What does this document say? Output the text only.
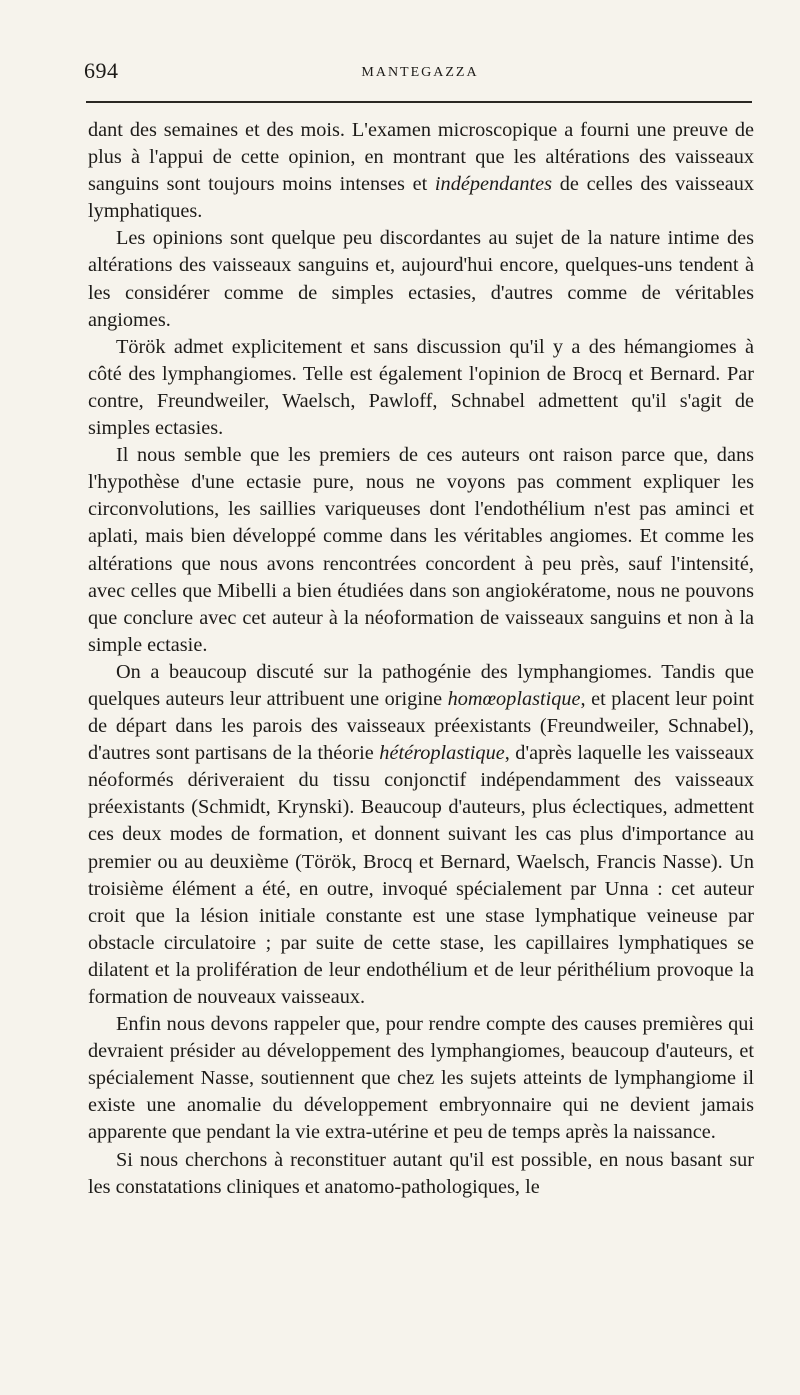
694	MANTEGAZZA

dant des semaines et des mois. L'examen microscopique a fourni une preuve de plus à l'appui de cette opinion, en montrant que les altérations des vaisseaux sanguins sont toujours moins intenses et indépendantes de celles des vaisseaux lymphatiques.

Les opinions sont quelque peu discordantes au sujet de la nature intime des altérations des vaisseaux sanguins et, aujourd'hui encore, quelques-uns tendent à les considérer comme de simples ectasies, d'autres comme de véritables angiomes.

Török admet explicitement et sans discussion qu'il y a des hémangiomes à côté des lymphangiomes. Telle est également l'opinion de Brocq et Bernard. Par contre, Freundweiler, Waelsch, Pawloff, Schnabel admettent qu'il s'agit de simples ectasies.

Il nous semble que les premiers de ces auteurs ont raison parce que, dans l'hypothèse d'une ectasie pure, nous ne voyons pas comment expliquer les circonvolutions, les saillies variqueuses dont l'endothélium n'est pas aminci et aplati, mais bien développé comme dans les véritables angiomes. Et comme les altérations que nous avons rencontrées concordent à peu près, sauf l'intensité, avec celles que Mibelli a bien étudiées dans son angiokératome, nous ne pouvons que conclure avec cet auteur à la néoformation de vaisseaux sanguins et non à la simple ectasie.

On a beaucoup discuté sur la pathogénie des lymphangiomes. Tandis que quelques auteurs leur attribuent une origine homœoplastique, et placent leur point de départ dans les parois des vaisseaux préexistants (Freundweiler, Schnabel), d'autres sont partisans de la théorie hétéroplastique, d'après laquelle les vaisseaux néoformés dériveraient du tissu conjonctif indépendamment des vaisseaux préexistants (Schmidt, Krynski). Beaucoup d'auteurs, plus éclectiques, admettent ces deux modes de formation, et donnent suivant les cas plus d'importance au premier ou au deuxième (Török, Brocq et Bernard, Waelsch, Francis Nasse). Un troisième élément a été, en outre, invoqué spécialement par Unna : cet auteur croit que la lésion initiale constante est une stase lymphatique veineuse par obstacle circulatoire ; par suite de cette stase, les capillaires lymphatiques se dilatent et la prolifération de leur endothélium et de leur périthélium provoque la formation de nouveaux vaisseaux.

Enfin nous devons rappeler que, pour rendre compte des causes premières qui devraient présider au développement des lymphangiomes, beaucoup d'auteurs, et spécialement Nasse, soutiennent que chez les sujets atteints de lymphangiome il existe une anomalie du développement embryonnaire qui ne devient jamais apparente que pendant la vie extra-utérine et peu de temps après la naissance.

Si nous cherchons à reconstituer autant qu'il est possible, en nous basant sur les constatations cliniques et anatomo-pathologiques, le
